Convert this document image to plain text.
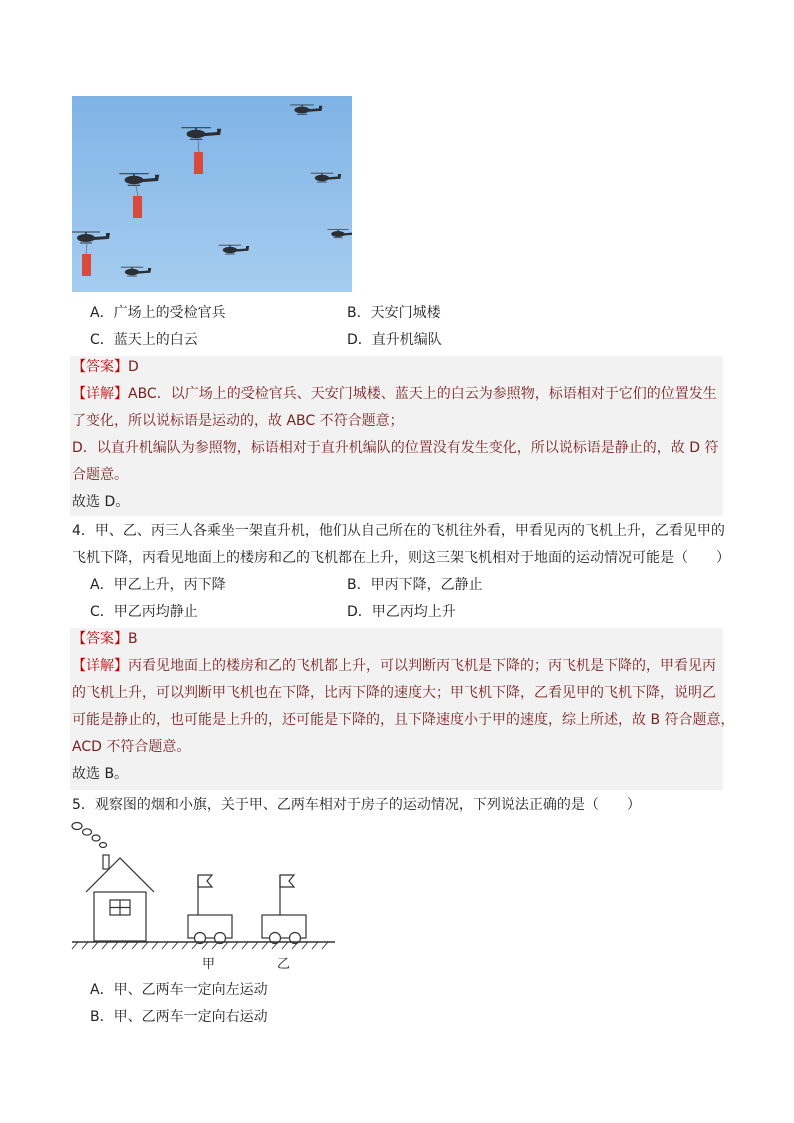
A．广场上的受检官兵	B．天安门城楼
C．蓝天上的白云	D．直升机编队
【答案】D
【详解】ABC．以广场上的受检官兵、天安门城楼、蓝天上的白云为参照物，标语相对于它们的位置发生
了变化，所以说标语是运动的，故 ABC 不符合题意；
D．以直升机编队为参照物，标语相对于直升机编队的位置没有发生变化，所以说标语是静止的，故 D 符
合题意。
故选 D。
4．甲、乙、丙三人各乘坐一架直升机，他们从自己所在的飞机往外看，甲看见丙的飞机上升，乙看见甲的
飞机下降，丙看见地面上的楼房和乙的飞机都在上升，则这三架飞机相对于地面的运动情况可能是（　　）
A．甲乙上升，丙下降	B．甲丙下降，乙静止
C．甲乙丙均静止	D．甲乙丙均上升
【答案】B
【详解】丙看见地面上的楼房和乙的飞机都上升，可以判断丙飞机是下降的；丙飞机是下降的，甲看见丙
的飞机上升，可以判断甲飞机也在下降，比丙下降的速度大；甲飞机下降，乙看见甲的飞机下降，说明乙
可能是静止的，也可能是上升的，还可能是下降的，且下降速度小于甲的速度，综上所述，故 B 符合题意，
ACD 不符合题意。
故选 B。
5．观察图的烟和小旗，关于甲、乙两车相对于房子的运动情况，下列说法正确的是（　　）
甲	乙
A．甲、乙两车一定向左运动
B．甲、乙两车一定向右运动
